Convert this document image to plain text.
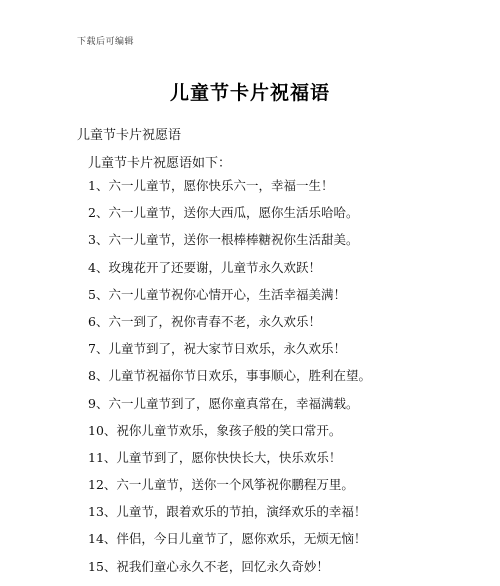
下载后可编辑
儿童节卡片祝福语
儿童节卡片祝愿语
儿童节卡片祝愿语如下：
1、六一儿童节，愿你快乐六一，幸福一生！
2、六一儿童节，送你大西瓜，愿你生活乐哈哈。
3、六一儿童节，送你一根棒棒糖祝你生活甜美。
4、玫瑰花开了还要谢，儿童节永久欢跃！
5、六一儿童节祝你心情开心，生活幸福美满！
6、六一到了，祝你青春不老，永久欢乐！
7、儿童节到了，祝大家节日欢乐，永久欢乐！
8、儿童节祝福你节日欢乐，事事顺心，胜利在望。
9、六一儿童节到了，愿你童真常在，幸福满载。
10、祝你儿童节欢乐，象孩子般的笑口常开。
11、儿童节到了，愿你快快长大，快乐欢乐！
12、六一儿童节，送你一个风筝祝你鹏程万里。
13、儿童节，跟着欢乐的节拍，演绎欢乐的幸福！
14、伴侣，今日儿童节了，愿你欢乐，无烦无恼！
15、祝我们童心永久不老，回忆永久奇妙！
